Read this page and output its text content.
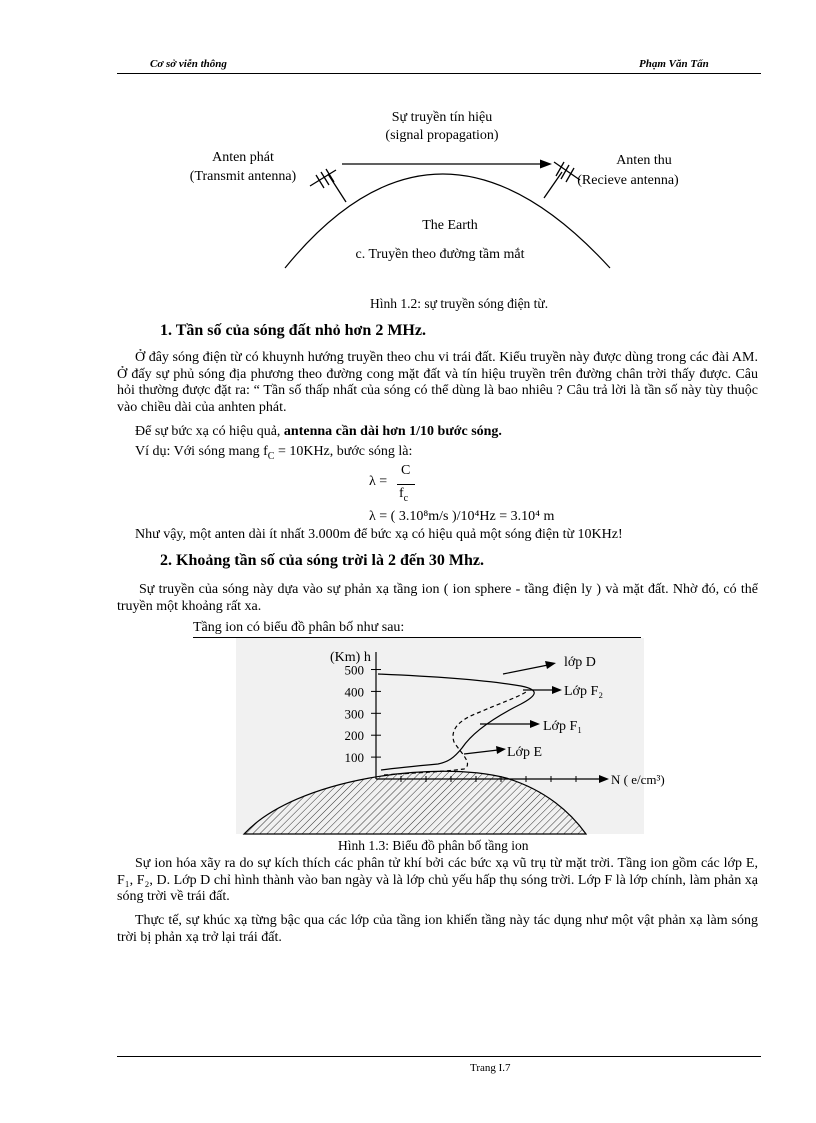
Cơ sở viễn thông	Phạm Văn Tấn
Sự truyền tín hiệu
(signal propagation)
Anten phát
(Transmit antenna)
Anten thu
(Recieve antenna)
The Earth
c. Truyền theo đường tầm mắt
Hình 1.2: sự truyền sóng điện từ.
1. Tần số của sóng đất nhỏ hơn 2 MHz.
Ở đây sóng điện từ có khuynh hướng truyền theo chu vi trái đất. Kiểu truyền này được dùng trong các đài AM. Ở đấy sự phủ sóng địa phương theo đường cong mặt đất và tín hiệu truyền trên đường chân trời thấy được. Câu hỏi thường được đặt ra: “ Tần số thấp nhất của sóng có thể dùng là bao nhiêu ? Câu trả lời là tần số này tùy thuộc vào chiều dài của anhten phát.
Để sự bức xạ có hiệu quả, antenna cần dài hơn 1/10 bước sóng.
Ví dụ: Với sóng mang $f_C = 10KHz$, bước sóng là:
λ =
C
$f_c$
λ = ( 3.10⁸m/s )/10⁴Hz = 3.10⁴ m
Như vậy, một anten dài ít nhất 3.000m để bức xạ có hiệu quả một sóng điện từ 10KHz!
2. Khoảng tần số của sóng trời là 2 đến 30 Mhz.
Sự truyền của sóng này dựa vào sự phản xạ tầng ion ( ion sphere - tầng điện ly ) và mặt đất. Nhờ đó, có thể truyền một khoảng rất xa.
Tầng ion có biểu đồ phân bố như sau:
100
200
300
400
500
(Km) h
N ( e/cm³)
lớp D
Lớp F₂
Lớp F₁
Lớp E
Hình 1.3: Biểu đồ phân bố tầng ion
Sự ion hóa xãy ra do sự kích thích các phân tử khí bởi các bức xạ vũ trụ từ mặt trời. Tầng ion gồm các lớp E, F₁, F₂, D. Lớp D chỉ hình thành vào ban ngày và là lớp chủ yếu hấp thụ sóng trời. Lớp F là lớp chính, làm phản xạ sóng trời về trái đất.
Thực tế, sự khúc xạ từng bậc qua các lớp của tầng ion khiến tầng này tác dụng như một vật phản xạ làm sóng trời bị phản xạ trở lại trái đất.
Trang I.7
